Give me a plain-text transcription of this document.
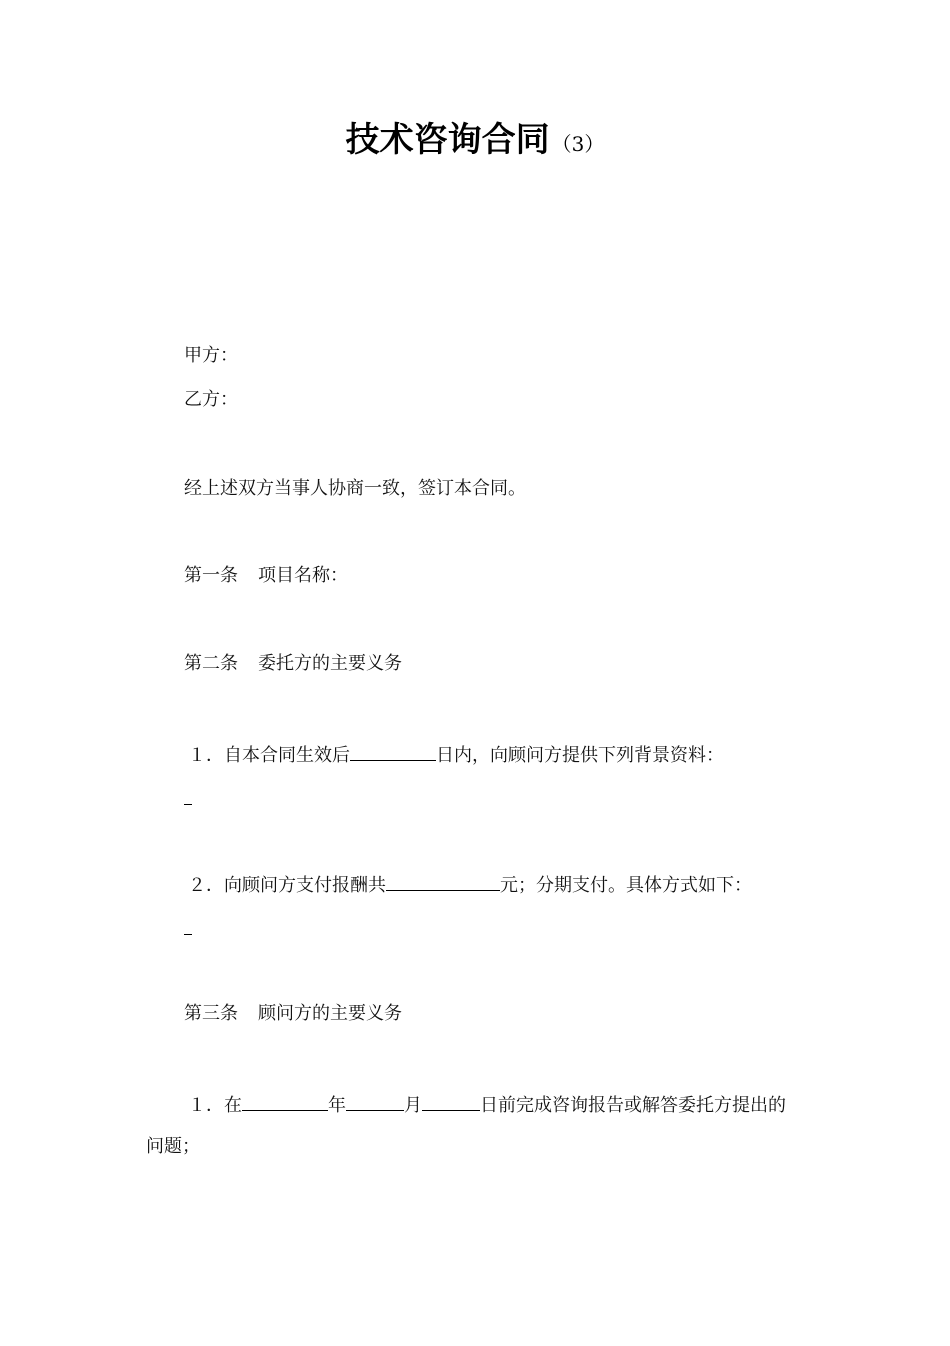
技术咨询合同 （3）
甲方：
乙方：
经上述双方当事人协商一致，签订本合同。
第一条 项目名称：
第二条 委托方的主要义务
１．自本合同生效后	日内，向顾问方提供下列背景资料：
２．向顾问方支付报酬共	元；分期支付。具体方式如下：
第三条 顾问方的主要义务
１．在	年	月	日前完成咨询报告或解答委托方提出的
问题；
